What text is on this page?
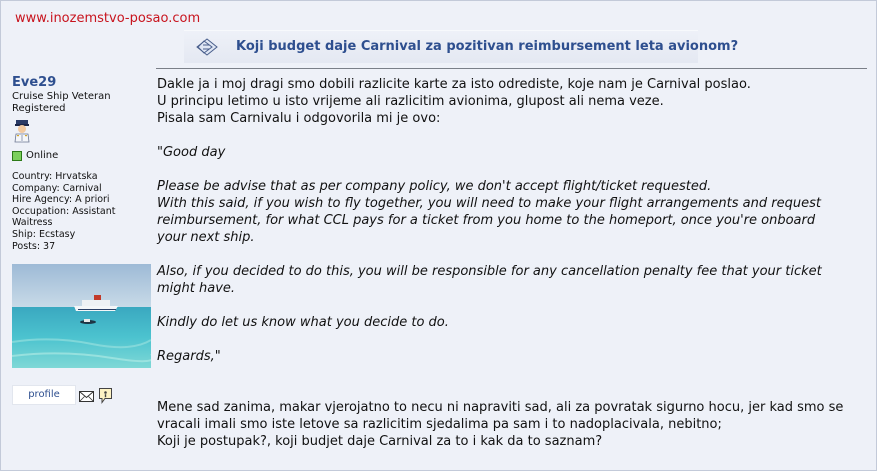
www.inozemstvo-posao.com
Koji budget daje Carnival za pozitivan reimbursement leta avionom?
Eve29
Cruise Ship Veteran
Registered
Online
Country: Hrvatska
Company: Carnival
Hire Agency: A priori
Occupation: Assistant Waitress
Ship: Ecstasy
Posts: 37
profile

Dakle ja i moj dragi smo dobili razlicite karte za isto odrediste, koje nam je Carnival poslao.

U principu letimo u isto vrijeme ali razlicitim avionima, glupost ali nema veze.

Pisala sam Carnivalu i odgovorila mi je ovo:

"Good day

Please be advise that as per company policy, we don't accept flight/ticket requested.

With this said, if you wish to fly together, you will need to make your flight arrangements and request

reimbursement, for what CCL pays for a ticket from you home to the homeport, once you're onboard

your next ship.

Also, if you decided to do this, you will be responsible for any cancellation penalty fee that your ticket

might have.

Kindly do let us know what you decide to do.

Regards,"

Mene sad zanima, makar vjerojatno to necu ni napraviti sad, ali za povratak sigurno hocu, jer kad smo se

vracali imali smo iste letove sa razlicitim sjedalima pa sam i to nadoplacivala, nebitno;

Koji je postupak?, koji budjet daje Carnival za to i kak da to saznam?
